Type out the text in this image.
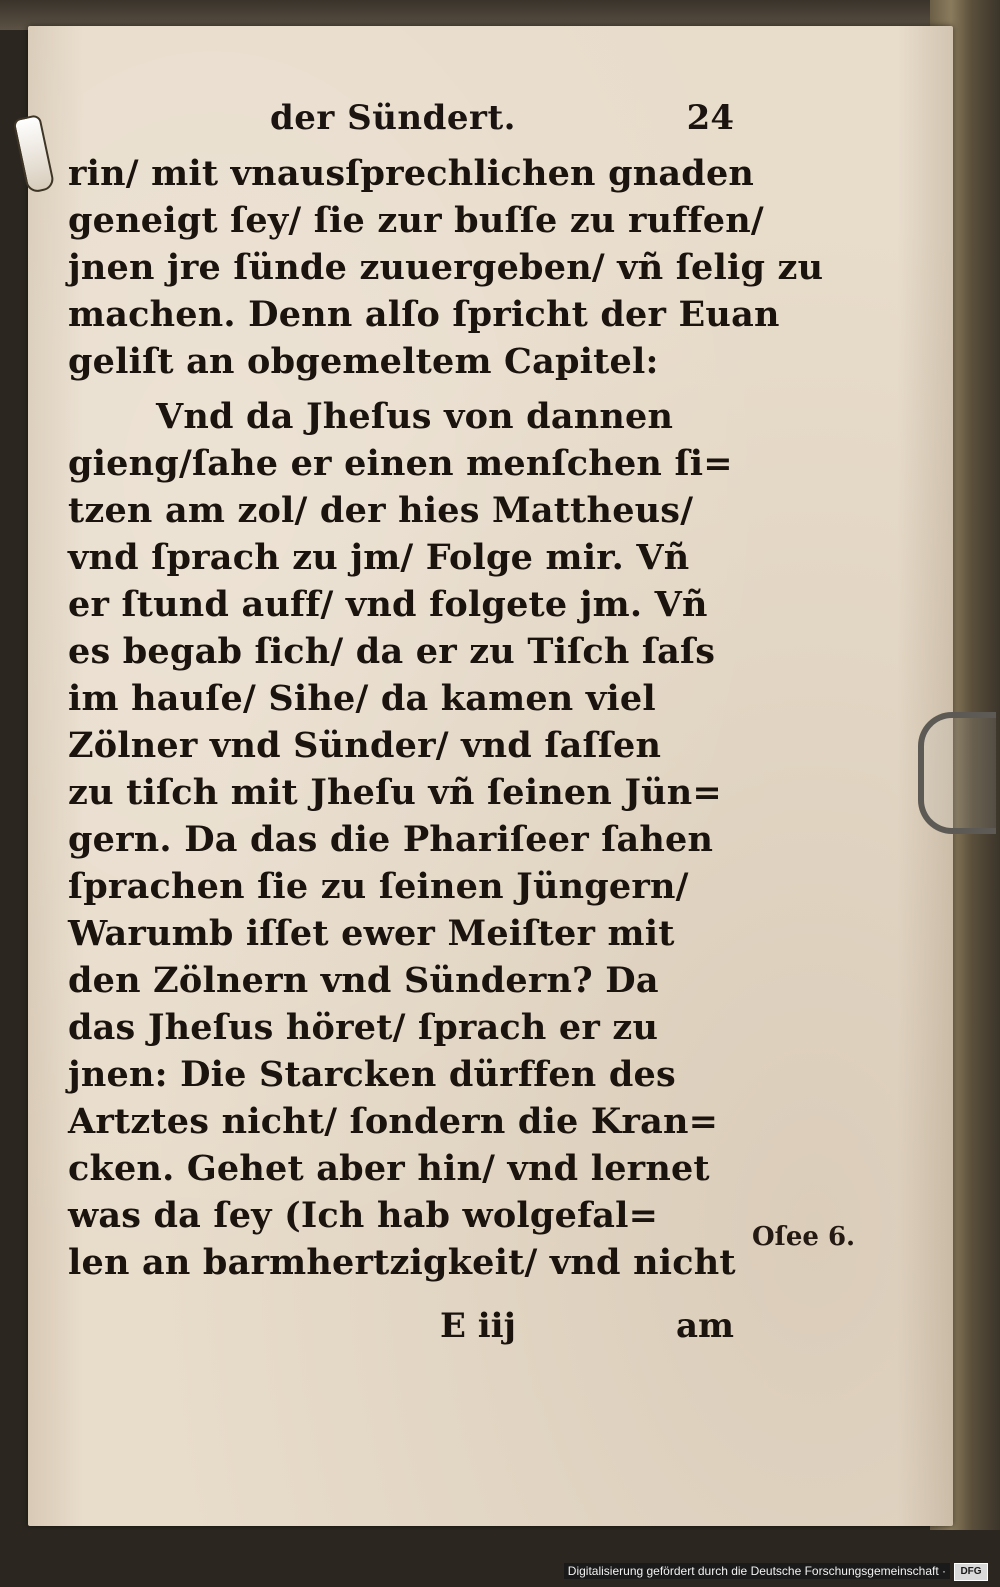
der Sündert.	24
rin/ mit vnausſprechlichen gnaden
geneigt ſey/ ſie zur buſſe zu ruffen/
jnen jre ſünde zuuergeben/ vñ ſelig zu
machen. Denn alſo ſpricht der Euan
geliſt an obgemeltem Capitel:
Vnd da Jheſus von dannen
gieng/ſahe er einen menſchen ſi=
tzen am zol/ der hies Mattheus/
vnd ſprach zu jm/ Folge mir. Vñ
er ſtund auff/ vnd folgete jm. Vñ
es begab ſich/ da er zu Tiſch ſaſs
im hauſe/ Sihe/ da kamen viel
Zölner vnd Sünder/ vnd ſaſſen
zu tiſch mit Jheſu vñ ſeinen Jün=
gern. Da das die Phariſeer ſahen
ſprachen ſie zu ſeinen Jüngern/
Warumb iſſet ewer Meiſter mit
den Zölnern vnd Sündern? Da
das Jheſus höret/ ſprach er zu
jnen: Die Starcken dürffen des
Artztes nicht/ ſondern die Kran=
cken. Gehet aber hin/ vnd lernet
was da ſey (Ich hab wolgefal=
len an barmhertzigkeit/ vnd nicht
Oſee 6.
E iij	am
Digitalisierung gefördert durch die Deutsche Forschungsgemeinschaft ·	DFG
